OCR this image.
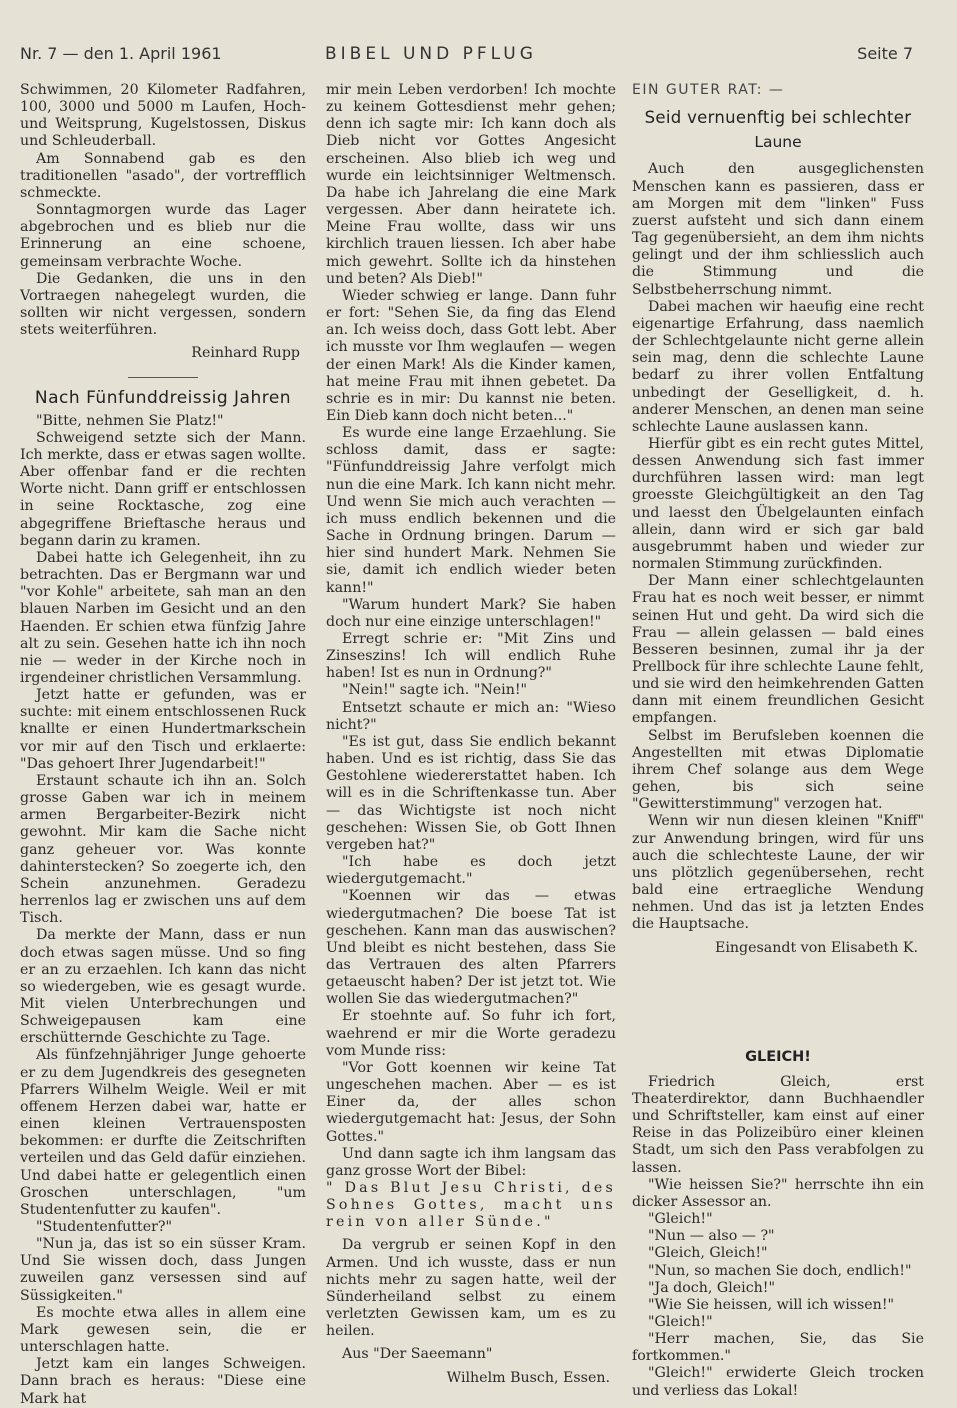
Nr. 7 — den 1. April 1961	BIBEL UND PFLUG	Seite 7

Schwimmen, 20 Kilometer Radfahren, 100, 3000 und 5000 m Laufen, Hoch- und Weitsprung, Kugelstossen, Diskus und Schleuderball.

Am Sonnabend gab es den traditionellen "asado", der vortrefflich schmeckte.

Sonntagmorgen wurde das Lager abgebrochen und es blieb nur die Erinnerung an eine schoene, gemeinsam verbrachte Woche.

Die Gedanken, die uns in den Vortraegen nahegelegt wurden, die sollten wir nicht vergessen, sondern stets weiterführen.

Reinhard Rupp

Nach Fünfunddreissig Jahren

"Bitte, nehmen Sie Platz!"

Schweigend setzte sich der Mann. Ich merkte, dass er etwas sagen wollte. Aber offenbar fand er die rechten Worte nicht. Dann griff er entschlossen in seine Rocktasche, zog eine abgegriffene Brieftasche heraus und begann darin zu kramen.

Dabei hatte ich Gelegenheit, ihn zu betrachten. Das er Bergmann war und "vor Kohle" arbeitete, sah man an den blauen Narben im Gesicht und an den Haenden. Er schien etwa fünfzig Jahre alt zu sein. Gesehen hatte ich ihn noch nie — weder in der Kirche noch in irgendeiner christlichen Versammlung.

Jetzt hatte er gefunden, was er suchte: mit einem entschlossenen Ruck knallte er einen Hundertmarkschein vor mir auf den Tisch und erklaerte: "Das gehoert Ihrer Jugendarbeit!"

Erstaunt schaute ich ihn an. Solch grosse Gaben war ich in meinem armen Bergarbeiter-Bezirk nicht gewohnt. Mir kam die Sache nicht ganz geheuer vor. Was konnte dahinterstecken? So zoegerte ich, den Schein anzunehmen. Geradezu herrenlos lag er zwischen uns auf dem Tisch.

Da merkte der Mann, dass er nun doch etwas sagen müsse. Und so fing er an zu erzaehlen. Ich kann das nicht so wiedergeben, wie es gesagt wurde. Mit vielen Unterbrechungen und Schweigepausen kam eine erschütternde Geschichte zu Tage.

Als fünfzehnjähriger Junge gehoerte er zu dem Jugendkreis des gesegneten Pfarrers Wilhelm Weigle. Weil er mit offenem Herzen dabei war, hatte er einen kleinen Vertrauensposten bekommen: er durfte die Zeitschriften verteilen und das Geld dafür einziehen. Und dabei hatte er gelegentlich einen Groschen unterschlagen, "um Studentenfutter zu kaufen".

"Studentenfutter?"

"Nun ja, das ist so ein süsser Kram. Und Sie wissen doch, dass Jungen zuweilen ganz versessen sind auf Süssigkeiten."

Es mochte etwa alles in allem eine Mark gewesen sein, die er unterschlagen hatte.

Jetzt kam ein langes Schweigen. Dann brach es heraus: "Diese eine Mark hat

mir mein Leben verdorben! Ich mochte zu keinem Gottesdienst mehr gehen; denn ich sagte mir: Ich kann doch als Dieb nicht vor Gottes Angesicht erscheinen. Also blieb ich weg und wurde ein leichtsinniger Weltmensch. Da habe ich Jahrelang die eine Mark vergessen. Aber dann heiratete ich. Meine Frau wollte, dass wir uns kirchlich trauen liessen. Ich aber habe mich gewehrt. Sollte ich da hinstehen und beten? Als Dieb!"

Wieder schwieg er lange. Dann fuhr er fort: "Sehen Sie, da fing das Elend an. Ich weiss doch, dass Gott lebt. Aber ich musste vor Ihm weglaufen — wegen der einen Mark! Als die Kinder kamen, hat meine Frau mit ihnen gebetet. Da schrie es in mir: Du kannst nie beten. Ein Dieb kann doch nicht beten..."

Es wurde eine lange Erzaehlung. Sie schloss damit, dass er sagte: "Fünfunddreissig Jahre verfolgt mich nun die eine Mark. Ich kann nicht mehr. Und wenn Sie mich auch verachten — ich muss endlich bekennen und die Sache in Ordnung bringen. Darum — hier sind hundert Mark. Nehmen Sie sie, damit ich endlich wieder beten kann!"

"Warum hundert Mark? Sie haben doch nur eine einzige unterschlagen!"

Erregt schrie er: "Mit Zins und Zinseszins! Ich will endlich Ruhe haben! Ist es nun in Ordnung?"

"Nein!" sagte ich. "Nein!"

Entsetzt schaute er mich an: "Wieso nicht?"

"Es ist gut, dass Sie endlich bekannt haben. Und es ist richtig, dass Sie das Gestohlene wiedererstattet haben. Ich will es in die Schriftenkasse tun. Aber — das Wichtigste ist noch nicht geschehen: Wissen Sie, ob Gott Ihnen vergeben hat?"

"Ich habe es doch jetzt wiedergutgemacht."

"Koennen wir das — etwas wiedergutmachen? Die boese Tat ist geschehen. Kann man das auswischen? Und bleibt es nicht bestehen, dass Sie das Vertrauen des alten Pfarrers getaeuscht haben? Der ist jetzt tot. Wie wollen Sie das wiedergutmachen?"

Er stoehnte auf. So fuhr ich fort, waehrend er mir die Worte geradezu vom Munde riss:

"Vor Gott koennen wir keine Tat ungeschehen machen. Aber — es ist Einer da, der alles schon wiedergutgemacht hat: Jesus, der Sohn Gottes."

Und dann sagte ich ihm langsam das ganz grosse Wort der Bibel:

" Das Blut Jesu Christi, des Sohnes Gottes, macht uns rein von aller Sünde."

Da vergrub er seinen Kopf in den Armen. Und ich wusste, dass er nun nichts mehr zu sagen hatte, weil der Sünderheiland selbst zu einem verletzten Gewissen kam, um es zu heilen.

Aus "Der Saeemann"

Wilhelm Busch, Essen.

EIN GUTER RAT: —
Seid vernuenftig bei schlechter
Laune

Auch den ausgeglichensten Menschen kann es passieren, dass er am Morgen mit dem "linken" Fuss zuerst aufsteht und sich dann einem Tag gegenübersieht, an dem ihm nichts gelingt und der ihm schliesslich auch die Stimmung und die Selbstbeherrschung nimmt.

Dabei machen wir haeufig eine recht eigenartige Erfahrung, dass naemlich der Schlechtgelaunte nicht gerne allein sein mag, denn die schlechte Laune bedarf zu ihrer vollen Entfaltung unbedingt der Geselligkeit, d. h. anderer Menschen, an denen man seine schlechte Laune auslassen kann.

Hierfür gibt es ein recht gutes Mittel, dessen Anwendung sich fast immer durchführen lassen wird: man legt groesste Gleichgültigkeit an den Tag und laesst den Übelgelaunten einfach allein, dann wird er sich gar bald ausgebrummt haben und wieder zur normalen Stimmung zurückfinden.

Der Mann einer schlechtgelaunten Frau hat es noch weit besser, er nimmt seinen Hut und geht. Da wird sich die Frau — allein gelassen — bald eines Besseren besinnen, zumal ihr ja der Prellbock für ihre schlechte Laune fehlt, und sie wird den heimkehrenden Gatten dann mit einem freundlichen Gesicht empfangen.

Selbst im Berufsleben koennen die Angestellten mit etwas Diplomatie ihrem Chef solange aus dem Wege gehen, bis sich seine "Gewitterstimmung" verzogen hat.

Wenn wir nun diesen kleinen "Kniff" zur Anwendung bringen, wird für uns auch die schlechteste Laune, der wir uns plötzlich gegenübersehen, recht bald eine ertraegliche Wendung nehmen. Und das ist ja letzten Endes die Hauptsache.

Eingesandt von Elisabeth K.

GLEICH!

Friedrich Gleich, erst Theaterdirektor, dann Buchhaendler und Schriftsteller, kam einst auf einer Reise in das Polizeibüro einer kleinen Stadt, um sich den Pass verabfolgen zu lassen.

"Wie heissen Sie?" herrschte ihn ein dicker Assessor an.

"Gleich!"

"Nun — also — ?"

"Gleich, Gleich!"

"Nun, so machen Sie doch, endlich!"

"Ja doch, Gleich!"

"Wie Sie heissen, will ich wissen!"

"Gleich!"

"Herr machen, Sie, das Sie fortkommen."

"Gleich!" erwiderte Gleich trocken und verliess das Lokal!
